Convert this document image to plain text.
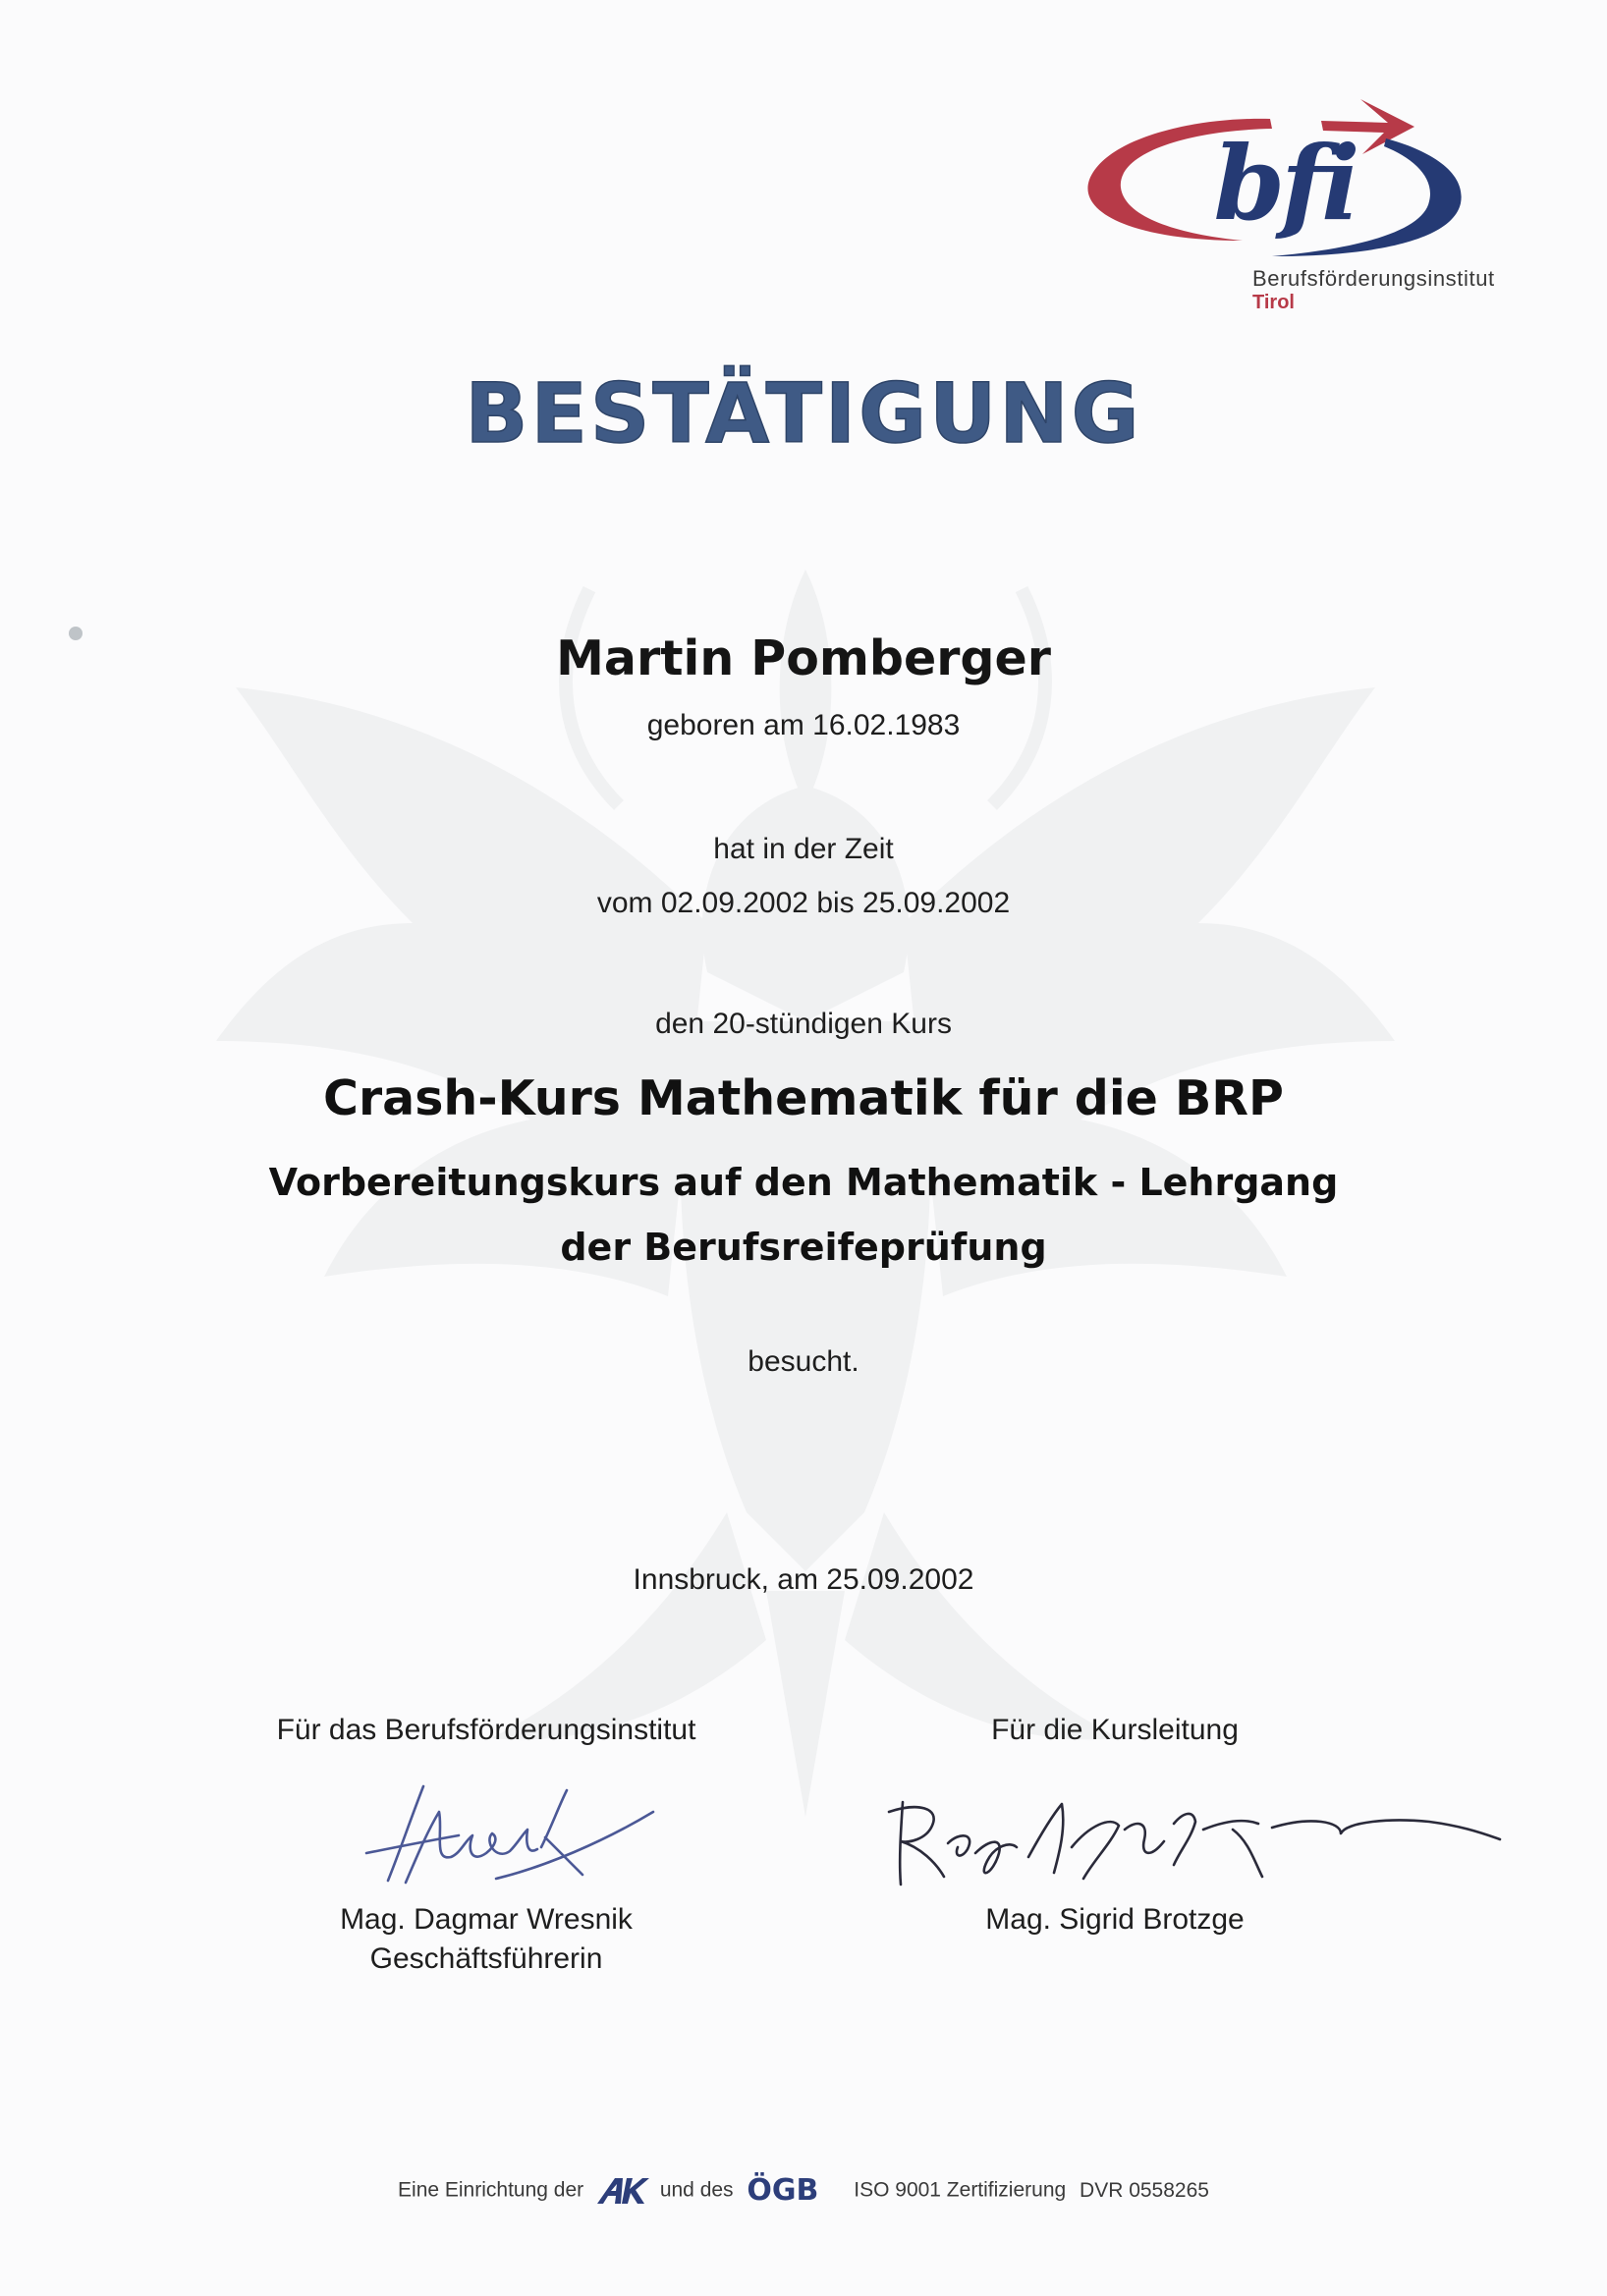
bfi
Berufsförderungsinstitut
Tirol
BESTÄTIGUNG
Martin Pomberger
geboren am 16.02.1983
hat in der Zeit
vom 02.09.2002 bis 25.09.2002
den 20-stündigen Kurs
Crash-Kurs Mathematik für die BRP
Vorbereitungskurs auf den Mathematik - Lehrgang
der Berufsreifeprüfung
besucht.
Innsbruck, am 25.09.2002
Für das Berufsförderungsinstitut
Mag. Dagmar Wresnik
Geschäftsführerin
Für die Kursleitung
Mag. Sigrid Brotzge
Eine Einrichtung der	und des ÖGB ISO 9001 Zertifizierung DVR 0558265
